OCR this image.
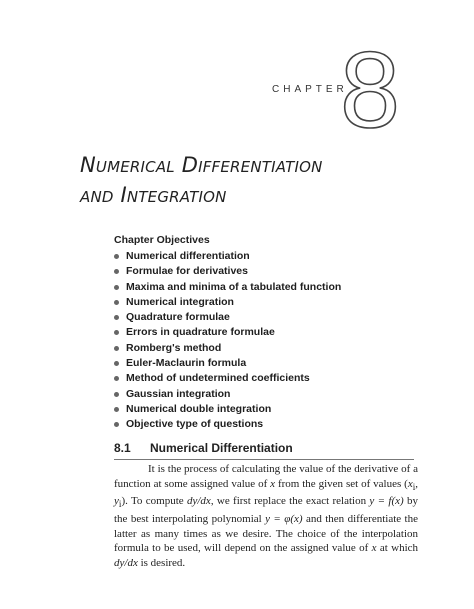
CHAPTER
8
Numerical Differentiation
and Integration
Chapter Objectives
Numerical differentiation
Formulae for derivatives
Maxima and minima of a tabulated function
Numerical integration
Quadrature formulae
Errors in quadrature formulae
Romberg's method
Euler-Maclaurin formula
Method of undetermined coefficients
Gaussian integration
Numerical double integration
Objective type of questions
8.1 Numerical Differentiation

It is the process of calculating the value of the derivative of a function at some assigned value of x from the given set of values ($x_i$, $y_i$). To compute dy/dx, we first replace the exact relation y = f(x) by the best interpolating polynomial y = φ(x) and then differentiate the latter as many times as we desire. The choice of the interpolation formula to be used, will depend on the assigned value of x at which dy/dx is desired.
